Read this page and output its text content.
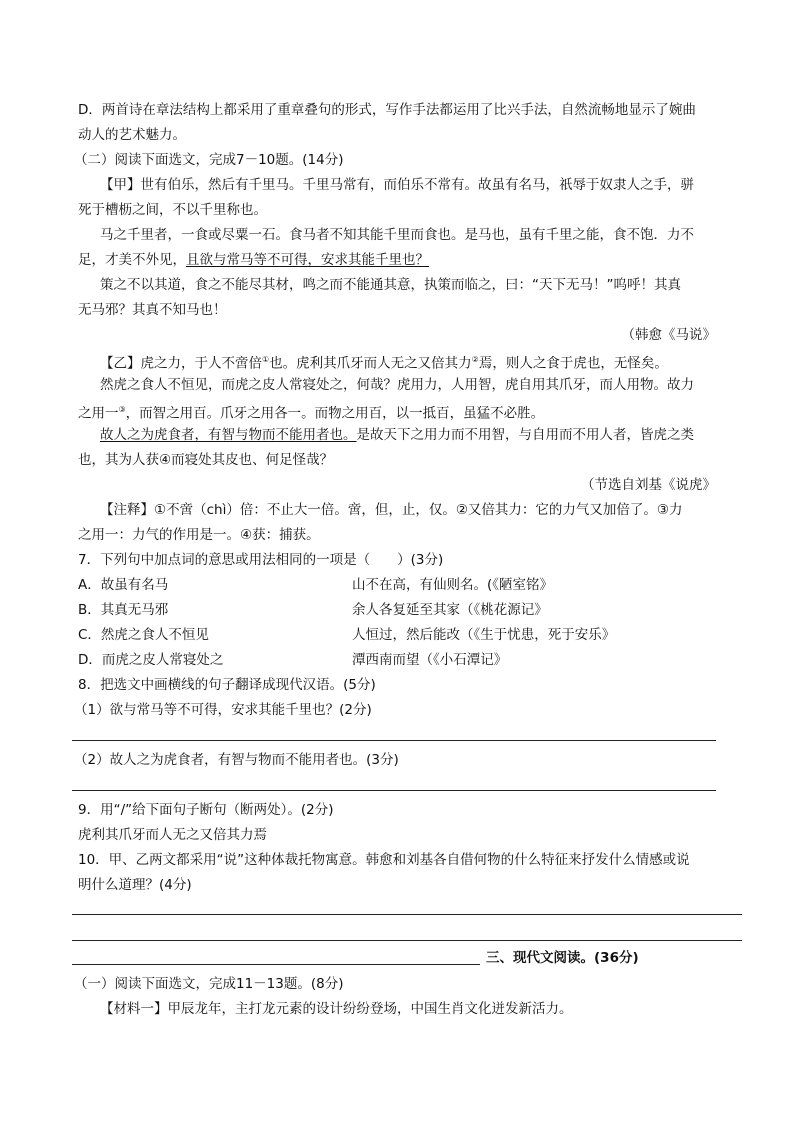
D．两首诗在章法结构上都采用了重章叠句的形式，写作手法都运用了比兴手法，自然流畅地显示了婉曲
动人的艺术魅力。
（二）阅读下面选文，完成7－10题。(14分)
【甲】世有伯乐，然后有千里马。千里马常有，而伯乐不常有。故虽有名马，祇辱于奴隶人之手，骈
死于槽枥之间，不以千里称也。
马之千里者，一食或尽粟一石。食马者不知其能千里而食也。是马也，虽有千里之能，食不饱．力不
足，才美不外见，且欲与常马等不可得，安求其能千里也？
策之不以其道，食之不能尽其材，鸣之而不能通其意，执策而临之，曰：“天下无马！”呜呼！其真
无马邪？其真不知马也！
（韩愈《马说》
【乙】虎之力，于人不啻倍①也。虎利其爪牙而人无之又倍其力②焉，则人之食于虎也，无怪矣。
然虎之食人不恒见，而虎之皮人常寝处之，何哉？虎用力，人用智，虎自用其爪牙，而人用物。故力
之用一③，而智之用百。爪牙之用各一。而物之用百，以一抵百，虽猛不必胜。
故人之为虎食者，有智与物而不能用者也。是故天下之用力而不用智，与自用而不用人者，皆虎之类
也，其为人获④而寝处其皮也、何足怪哉？
（节选自刘基《说虎》
【注释】①不啻（chì）倍：不止大一倍。啻，但，止，仅。②又倍其力：它的力气又加倍了。③力
之用一：力气的作用是一。④获：捕获。
7．下列句中加点词的意思或用法相同的一项是（　　）(3分)
A．故虽有名马	山不在高，有仙则名。(《陋室铭》
B．其真无马邪	余人各复延至其家（《桃花源记》
C．然虎之食人不恒见	人恒过，然后能改（《生于忧患，死于安乐》
D．而虎之皮人常寝处之	潭西南而望（《小石潭记》
8．把选文中画横线的句子翻译成现代汉语。(5分)
（1）欲与常马等不可得，安求其能千里也？(2分)
（2）故人之为虎食者，有智与物而不能用者也。(3分)
9．用“/”给下面句子断句（断两处）。(2分)
虎利其爪牙而人无之又倍其力焉
10．甲、乙两文都采用“说”这种体裁托物寓意。韩愈和刘基各自借何物的什么特征来抒发什么情感或说
明什么道理？(4分)
三、现代文阅读。(36分)
（一）阅读下面选文，完成11－13题。(8分)
【材料一】甲辰龙年，主打龙元素的设计纷纷登场，中国生肖文化迸发新活力。
